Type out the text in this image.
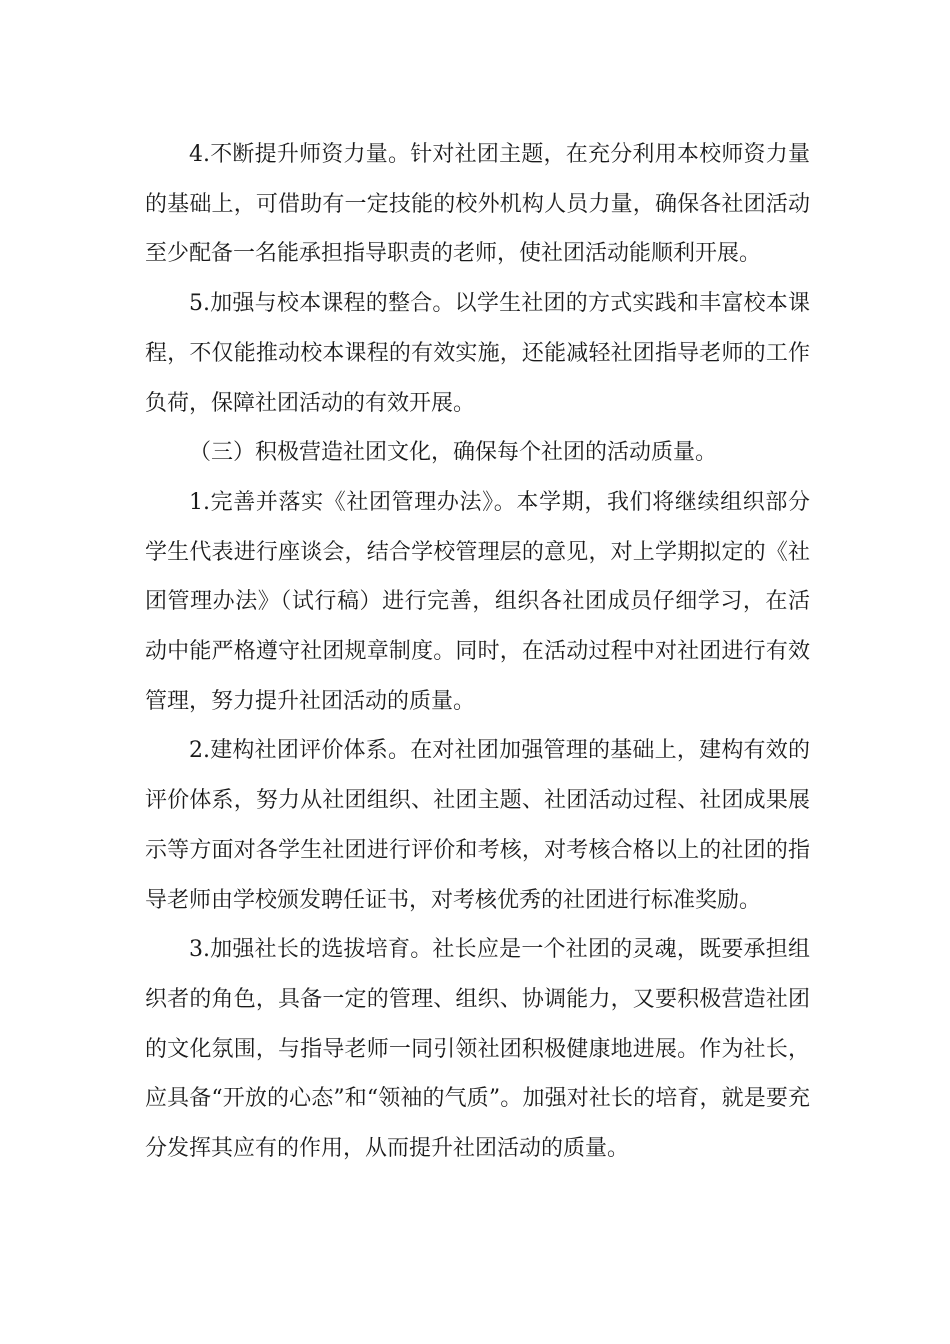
4.不断提升师资力量。针对社团主题，在充分利用本校师资力量的基础上，可借助有一定技能的校外机构人员力量，确保各社团活动至少配备一名能承担指导职责的老师，使社团活动能顺利开展。

5.加强与校本课程的整合。以学生社团的方式实践和丰富校本课程，不仅能推动校本课程的有效实施，还能减轻社团指导老师的工作负荷，保障社团活动的有效开展。

（三）积极营造社团文化，确保每个社团的活动质量。

1.完善并落实《社团管理办法》。本学期，我们将继续组织部分学生代表进行座谈会，结合学校管理层的意见，对上学期拟定的《社团管理办法》（试行稿）进行完善，组织各社团成员仔细学习，在活动中能严格遵守社团规章制度。同时，在活动过程中对社团进行有效管理，努力提升社团活动的质量。

2.建构社团评价体系。在对社团加强管理的基础上，建构有效的评价体系，努力从社团组织、社团主题、社团活动过程、社团成果展示等方面对各学生社团进行评价和考核，对考核合格以上的社团的指导老师由学校颁发聘任证书，对考核优秀的社团进行标准奖励。

3.加强社长的选拔培育。社长应是一个社团的灵魂，既要承担组织者的角色，具备一定的管理、组织、协调能力，又要积极营造社团的文化氛围，与指导老师一同引领社团积极健康地进展。作为社长，应具备“开放的心态”和“领袖的气质”。加强对社长的培育，就是要充分发挥其应有的作用，从而提升社团活动的质量。
